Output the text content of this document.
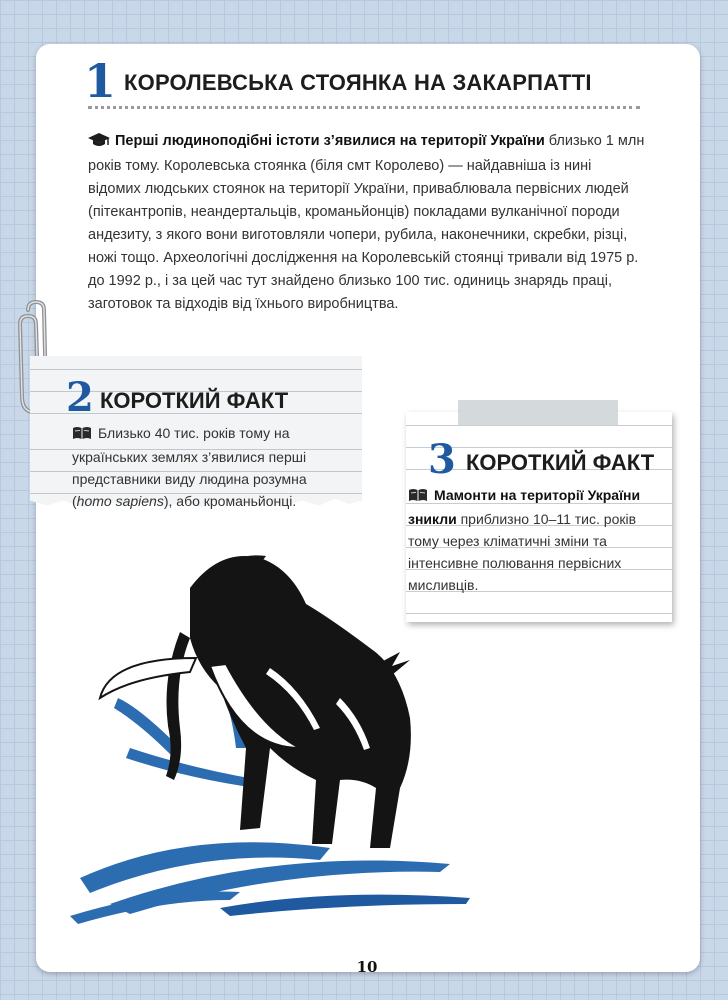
1 КОРОЛЕВСЬКА СТОЯНКА НА ЗАКАРПАТТІ
Перші людиноподібні істоти з’явилися на території України близько 1 млн років тому. Королевська стоянка (біля смт Королево) — найдавніша із нині відомих людських стоянок на території України, приваблювала первісних людей (пітекантропів, неандертальців, кроманьйонців) покладами вулканічної породи андезиту, з якого вони виготовляли чопери, рубила, наконечники, скребки, різці, ножі тощо. Археологічні дослідження на Королевській стоянці тривали від 1975 р. до 1992 р., і за цей час тут знайдено близько 100 тис. одиниць знарядь праці, заготовок та відходів від їхнього виробництва.
2 КОРОТКИЙ ФАКТ
Близько 40 тис. років тому на українських землях з’явилися перші представники виду людина розумна (homo sapiens), або кроманьйонці.
3 КОРОТКИЙ ФАКТ
Мамонти на території України зникли приблизно 10–11 тис. років тому через кліматичні зміни та інтенсивне полювання первісних мисливців.
10
